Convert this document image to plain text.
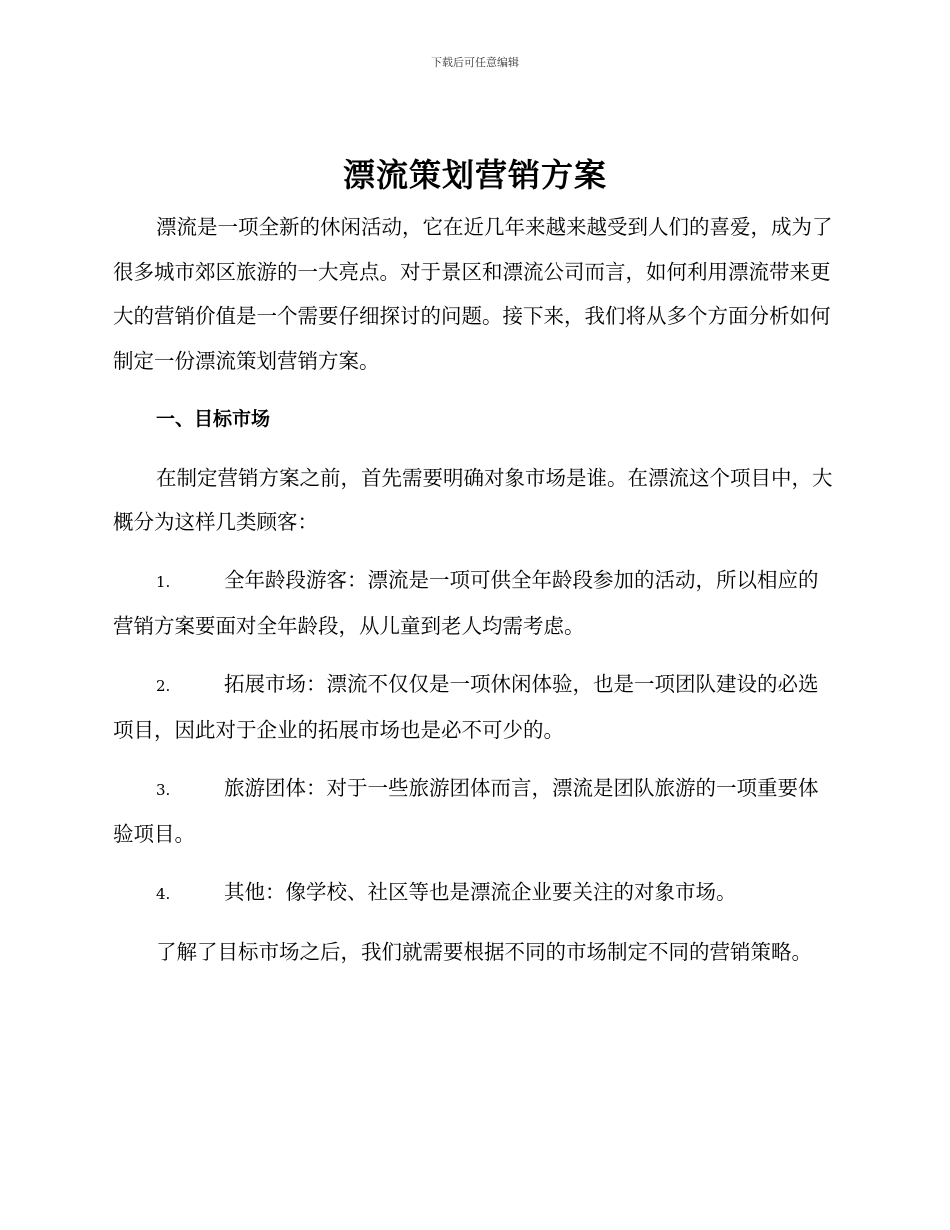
下载后可任意编辑
漂流策划营销方案

漂流是一项全新的休闲活动，它在近几年来越来越受到人们的喜爱，成为了很多城市郊区旅游的一大亮点。对于景区和漂流公司而言，如何利用漂流带来更大的营销价值是一个需要仔细探讨的问题。接下来，我们将从多个方面分析如何制定一份漂流策划营销方案。

一、目标市场

在制定营销方案之前，首先需要明确对象市场是谁。在漂流这个项目中，大概分为这样几类顾客：

1.	全年龄段游客：漂流是一项可供全年龄段参加的活动，所以相应的营销方案要面对全年龄段，从儿童到老人均需考虑。

2.	拓展市场：漂流不仅仅是一项休闲体验，也是一项团队建设的必选项目，因此对于企业的拓展市场也是必不可少的。

3.	旅游团体：对于一些旅游团体而言，漂流是团队旅游的一项重要体验项目。

4.	其他：像学校、社区等也是漂流企业要关注的对象市场。

了解了目标市场之后，我们就需要根据不同的市场制定不同的营销策略。
